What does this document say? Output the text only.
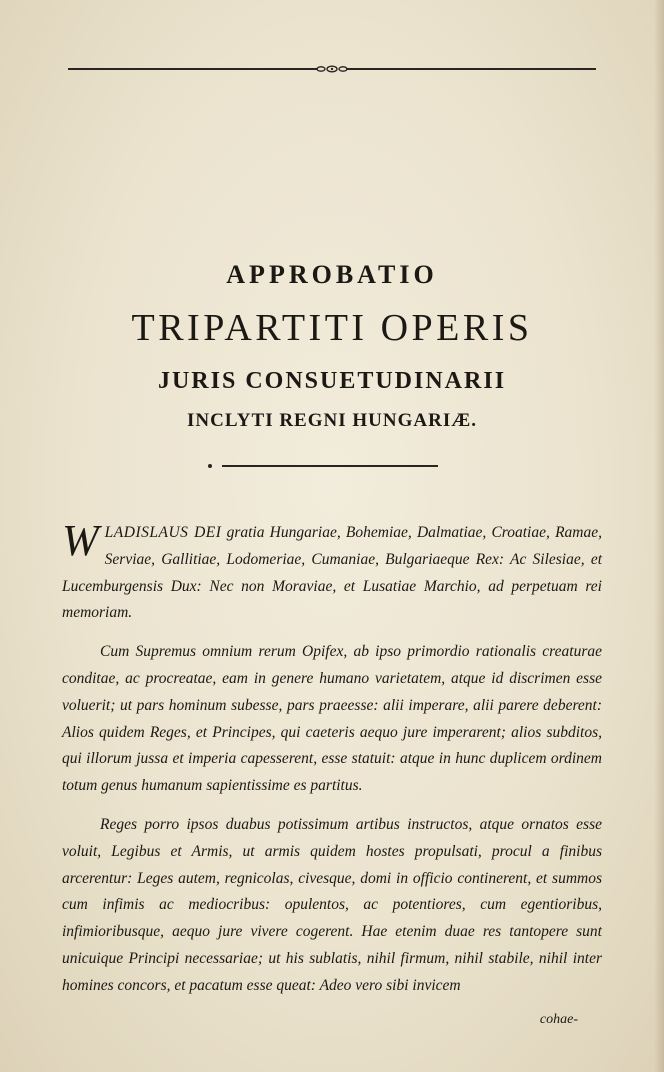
APPROBATIO
TRIPARTITI OPERIS
JURIS CONSUETUDINARII
INCLYTI REGNI HUNGARIÆ.

WLADISLAUS DEI gratia Hungariae, Bohemiae, Dalmatiae, Croatiae, Ramae, Serviae, Gallitiae, Lodomeriae, Cumaniae, Bulgariaeque Rex: Ac Silesiae, et Lucemburgensis Dux: Nec non Moraviae, et Lusatiae Marchio, ad perpetuam rei memoriam.

Cum Supremus omnium rerum Opifex, ab ipso primordio rationalis creaturae conditae, ac procreatae, eam in genere humano varietatem, atque id discrimen esse voluerit; ut pars hominum subesse, pars praeesse: alii imperare, alii parere deberent: Alios quidem Reges, et Principes, qui caeteris aequo jure imperarent; alios subditos, qui illorum jussa et imperia capesserent, esse statuit: atque in hunc duplicem ordinem totum genus humanum sapientissime es partitus.

Reges porro ipsos duabus potissimum artibus instructos, atque ornatos esse voluit, Legibus et Armis, ut armis quidem hostes propulsati, procul a finibus arcerentur: Leges autem, regnicolas, civesque, domi in officio continerent, et summos cum infimis ac mediocribus: opulentos, ac potentiores, cum egentioribus, infimioribusque, aequo jure vivere cogerent. Hae etenim duae res tantopere sunt unicuique Principi necessariae; ut his sublatis, nihil firmum, nihil stabile, nihil inter homines concors, et pacatum esse queat: Adeo vero sibi invicem

cohae-
